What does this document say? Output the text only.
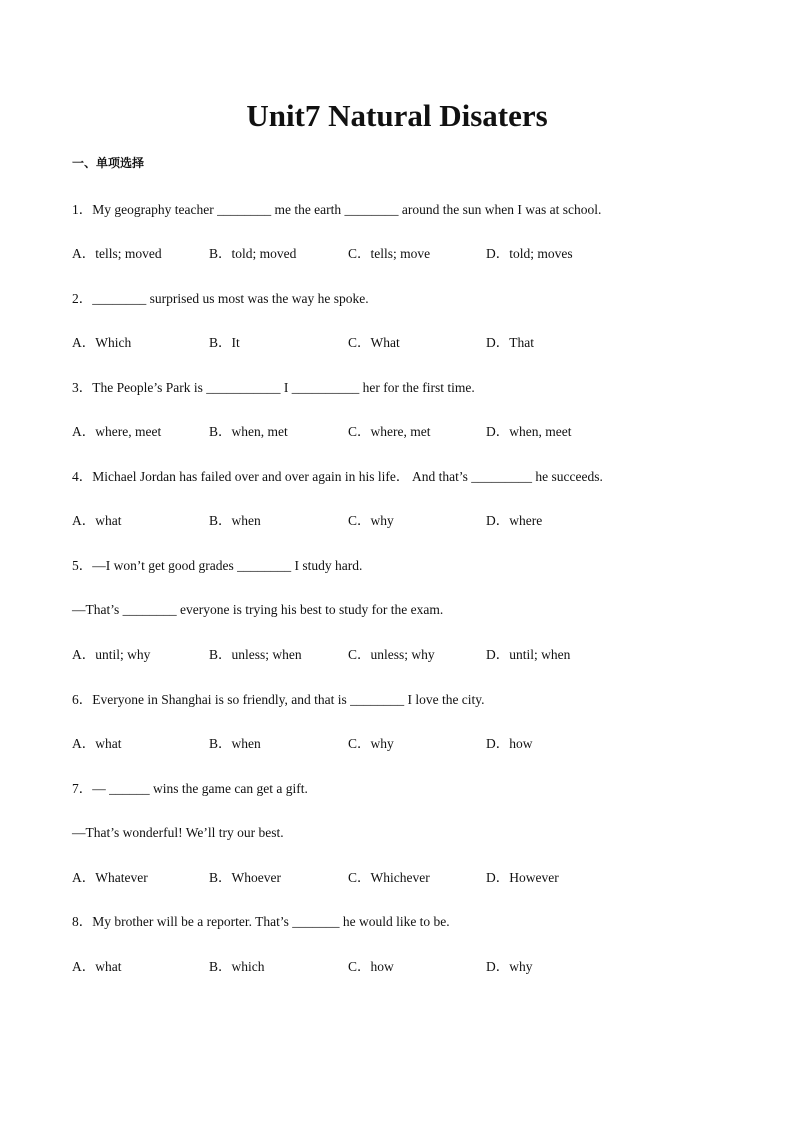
Unit7 Natural Disaters
一、单项选择
1．My geography teacher ________ me the earth ________ around the sun when I was at school.
A．tells; moved	B．told; moved	C．tells; move	D．told; moves
2．________ surprised us most was the way he spoke.
A．Which	B．It	C．What	D．That
3．The People’s Park is ___________ I __________ her for the first time.
A．where, meet	B．when, met	C．where, met	D．when, meet
4．Michael Jordan has failed over and over again in his life． And that’s _________ he succeeds.
A．what	B．when	C．why	D．where
5．—I won’t get good grades ________ I study hard.
—That’s ________ everyone is trying his best to study for the exam.
A．until; why	B．unless; when	C．unless; why	D．until; when
6．Everyone in Shanghai is so friendly, and that is ________ I love the city.
A．what	B．when	C．why	D．how
7．— ______ wins the game can get a gift.
—That’s wonderful! We’ll try our best.
A．Whatever	B．Whoever	C．Whichever	D．However
8．My brother will be a reporter. That’s _______ he would like to be.
A．what	B．which	C．how	D．why
